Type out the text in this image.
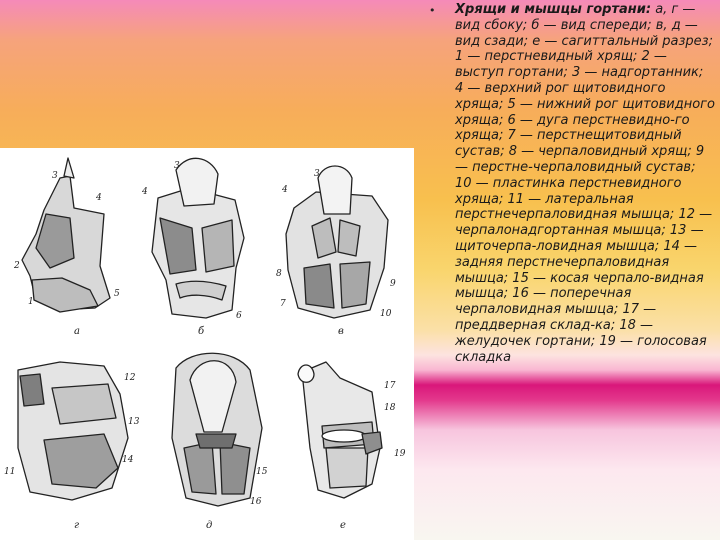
3
4
2
1
5
3
4
6
4
3
8
7
9
10
12
13
11
14
15
16
17
18
19
а	б	в
г	д	е
•	Хрящи и мышцы гортани: а, г — вид сбоку; б — вид спереди; в, д — вид сзади; е — сагиттальный разрез; 1 — перстневидный хрящ; 2 — выступ гортани; 3 — надгортанник; 4 — верхний рог щитовидного хряща; 5 — нижний рог щитовидного хряща; 6 — дуга перстневидно-го хряща; 7 — перстнещитовидный сустав; 8 — черпаловидный хрящ; 9 — перстне-черпаловидный сустав; 10 — пластинка перстневидного хряща; 11 — латеральная перстнечерпаловидная мышца; 12 — черпалонадгортанная мышца; 13 — щиточерпа-ловидная мышца; 14 — задняя перстнечерпаловидная мышца; 15 — косая черпало-видная мышца; 16 — поперечная черпаловидная мышца; 17 — преддверная склад-ка; 18 — желудочек гортани; 19 — голосовая складка
